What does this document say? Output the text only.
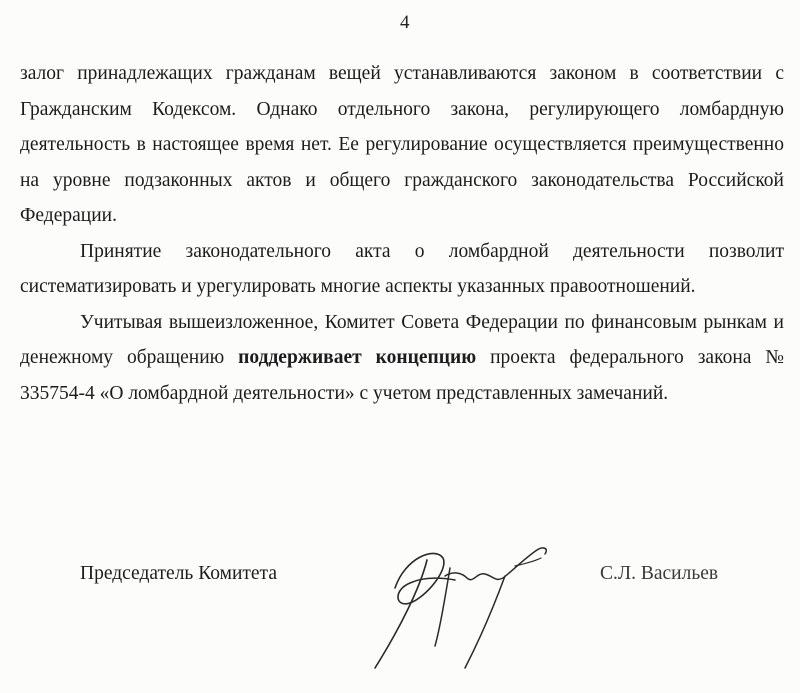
4

залог принадлежащих гражданам вещей устанавливаются законом в соответствии с Гражданским Кодексом. Однако отдельного закона, регулирующего ломбардную деятельность в настоящее время нет. Ее регулирование осуществляется преимущественно на уровне подзаконных актов и общего гражданского законодательства Российской Федерации.

Принятие законодательного акта о ломбардной деятельности позволит систематизировать и урегулировать многие аспекты указанных правоотношений.

Учитывая вышеизложенное, Комитет Совета Федерации по финансовым рынкам и денежному обращению поддерживает концепцию проекта федерального закона № 335754-4 «О ломбардной деятельности» с учетом представленных замечаний.

Председатель Комитета	С.Л. Васильев
